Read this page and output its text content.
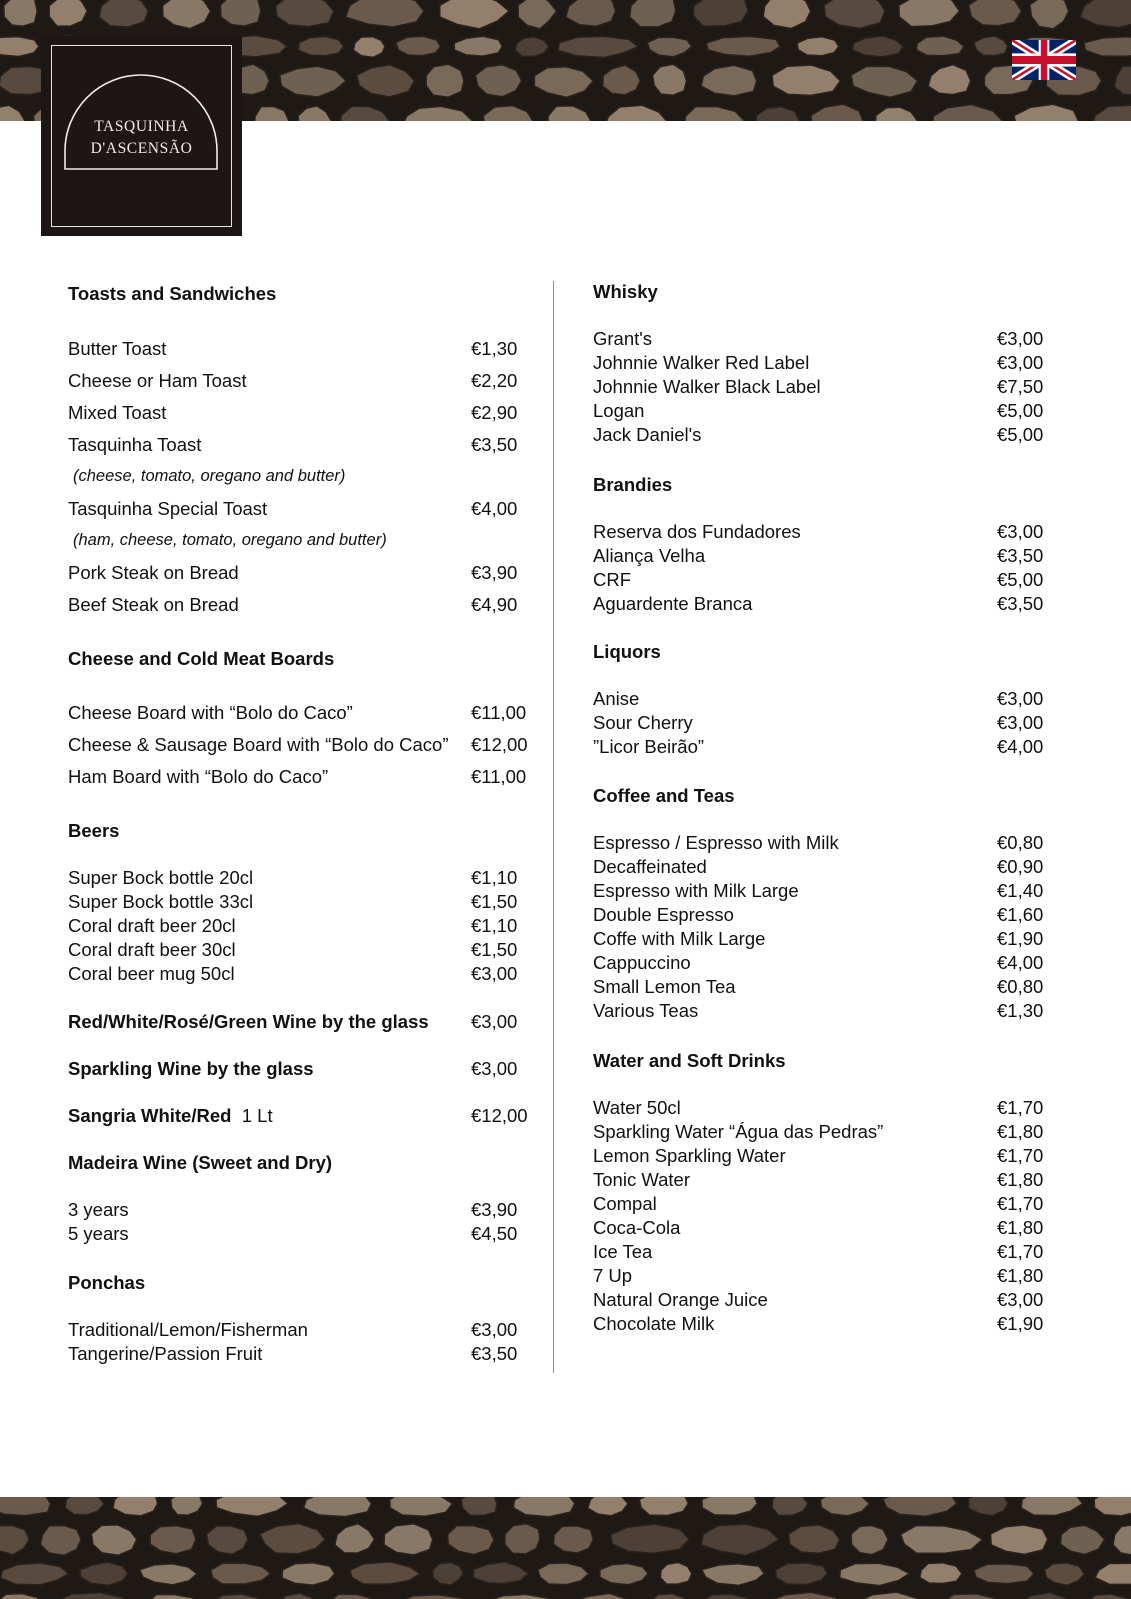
TASQUINHA
D'ASCENSÃO
Toasts and Sandwiches
Butter Toast	€1,30
Cheese or Ham Toast	€2,20
Mixed Toast	€2,90
Tasquinha Toast	€3,50
(cheese, tomato, oregano and butter)
Tasquinha Special Toast	€4,00
(ham, cheese, tomato, oregano and butter)
Pork Steak on Bread	€3,90
Beef Steak on Bread	€4,90
Cheese and Cold Meat Boards
Cheese Board with “Bolo do Caco”	€11,00
Cheese & Sausage Board with “Bolo do Caco” €12,00
Ham Board with “Bolo do Caco”	€11,00
Beers
Super Bock bottle 20cl	€1,10
Super Bock bottle 33cl	€1,50
Coral draft beer 20cl	€1,10
Coral draft beer 30cl	€1,50
Coral beer mug 50cl	€3,00
Red/White/Rosé/Green Wine by the glass €3,00
Sparkling Wine by the glass	€3,00
Sangria White/Red 1 Lt	€12,00
Madeira Wine (Sweet and Dry)
3 years	€3,90
5 years	€4,50
Ponchas
Traditional/Lemon/Fisherman	€3,00
Tangerine/Passion Fruit	€3,50
Whisky
Grant's	€3,00
Johnnie Walker Red Label	€3,00
Johnnie Walker Black Label	€7,50
Logan	€5,00
Jack Daniel's	€5,00
Brandies
Reserva dos Fundadores	€3,00
Aliança Velha	€3,50
CRF	€5,00
Aguardente Branca	€3,50
Liquors
Anise	€3,00
Sour Cherry	€3,00
”Licor Beirão”	€4,00
Coffee and Teas
Espresso / Espresso with Milk	€0,80
Decaffeinated	€0,90
Espresso with Milk Large	€1,40
Double Espresso	€1,60
Coffe with Milk Large	€1,90
Cappuccino	€4,00
Small Lemon Tea	€0,80
Various Teas	€1,30
Water and Soft Drinks
Water 50cl	€1,70
Sparkling Water “Água das Pedras”	€1,80
Lemon Sparkling Water	€1,70
Tonic Water	€1,80
Compal	€1,70
Coca-Cola	€1,80
Ice Tea	€1,70
7 Up	€1,80
Natural Orange Juice	€3,00
Chocolate Milk	€1,90
